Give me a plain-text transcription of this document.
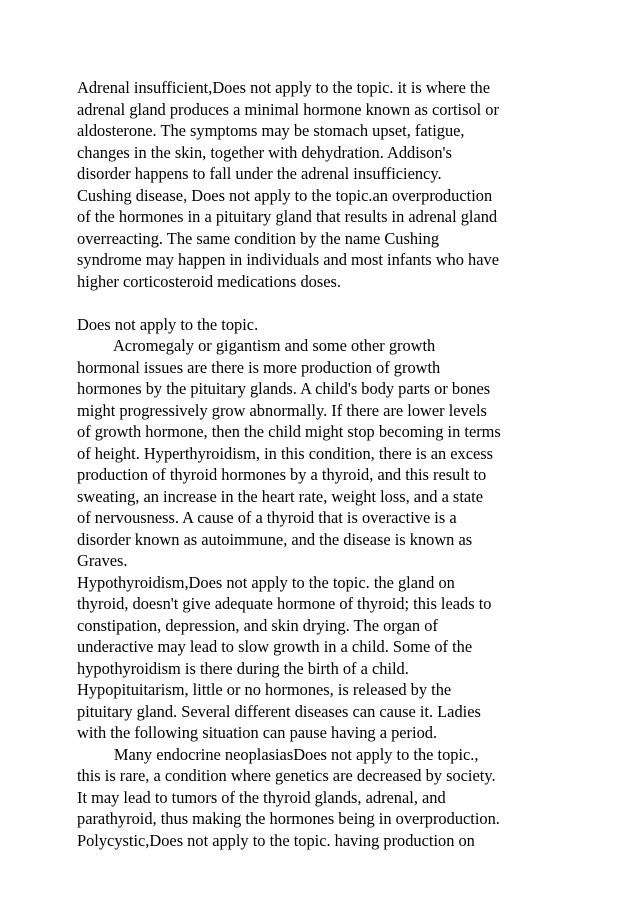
Adrenal insufficient,Does not apply to the topic. it is where the
adrenal gland produces a minimal hormone known as cortisol or
aldosterone. The symptoms may be stomach upset, fatigue,
changes in the skin, together with dehydration. Addison's
disorder happens to fall under the adrenal insufficiency.
Cushing disease, Does not apply to the topic.an overproduction
of the hormones in a pituitary gland that results in adrenal gland
overreacting. The same condition by the name Cushing
syndrome may happen in individuals and most infants who have
higher corticosteroid medications doses.
Does not apply to the topic.
Acromegaly or gigantism and some other growth
hormonal issues are there is more production of growth
hormones by the pituitary glands. A child's body parts or bones
might progressively grow abnormally. If there are lower levels
of growth hormone, then the child might stop becoming in terms
of height. Hyperthyroidism, in this condition, there is an excess
production of thyroid hormones by a thyroid, and this result to
sweating, an increase in the heart rate, weight loss, and a state
of nervousness. A cause of a thyroid that is overactive is a
disorder known as autoimmune, and the disease is known as
Graves.
Hypothyroidism,Does not apply to the topic. the gland on
thyroid, doesn't give adequate hormone of thyroid; this leads to
constipation, depression, and skin drying. The organ of
underactive may lead to slow growth in a child. Some of the
hypothyroidism is there during the birth of a child.
Hypopituitarism, little or no hormones, is released by the
pituitary gland. Several different diseases can cause it. Ladies
with the following situation can pause having a period.
Many endocrine neoplasiasDoes not apply to the topic.,
this is rare, a condition where genetics are decreased by society.
It may lead to tumors of the thyroid glands, adrenal, and
parathyroid, thus making the hormones being in overproduction.
Polycystic,Does not apply to the topic. having production on
